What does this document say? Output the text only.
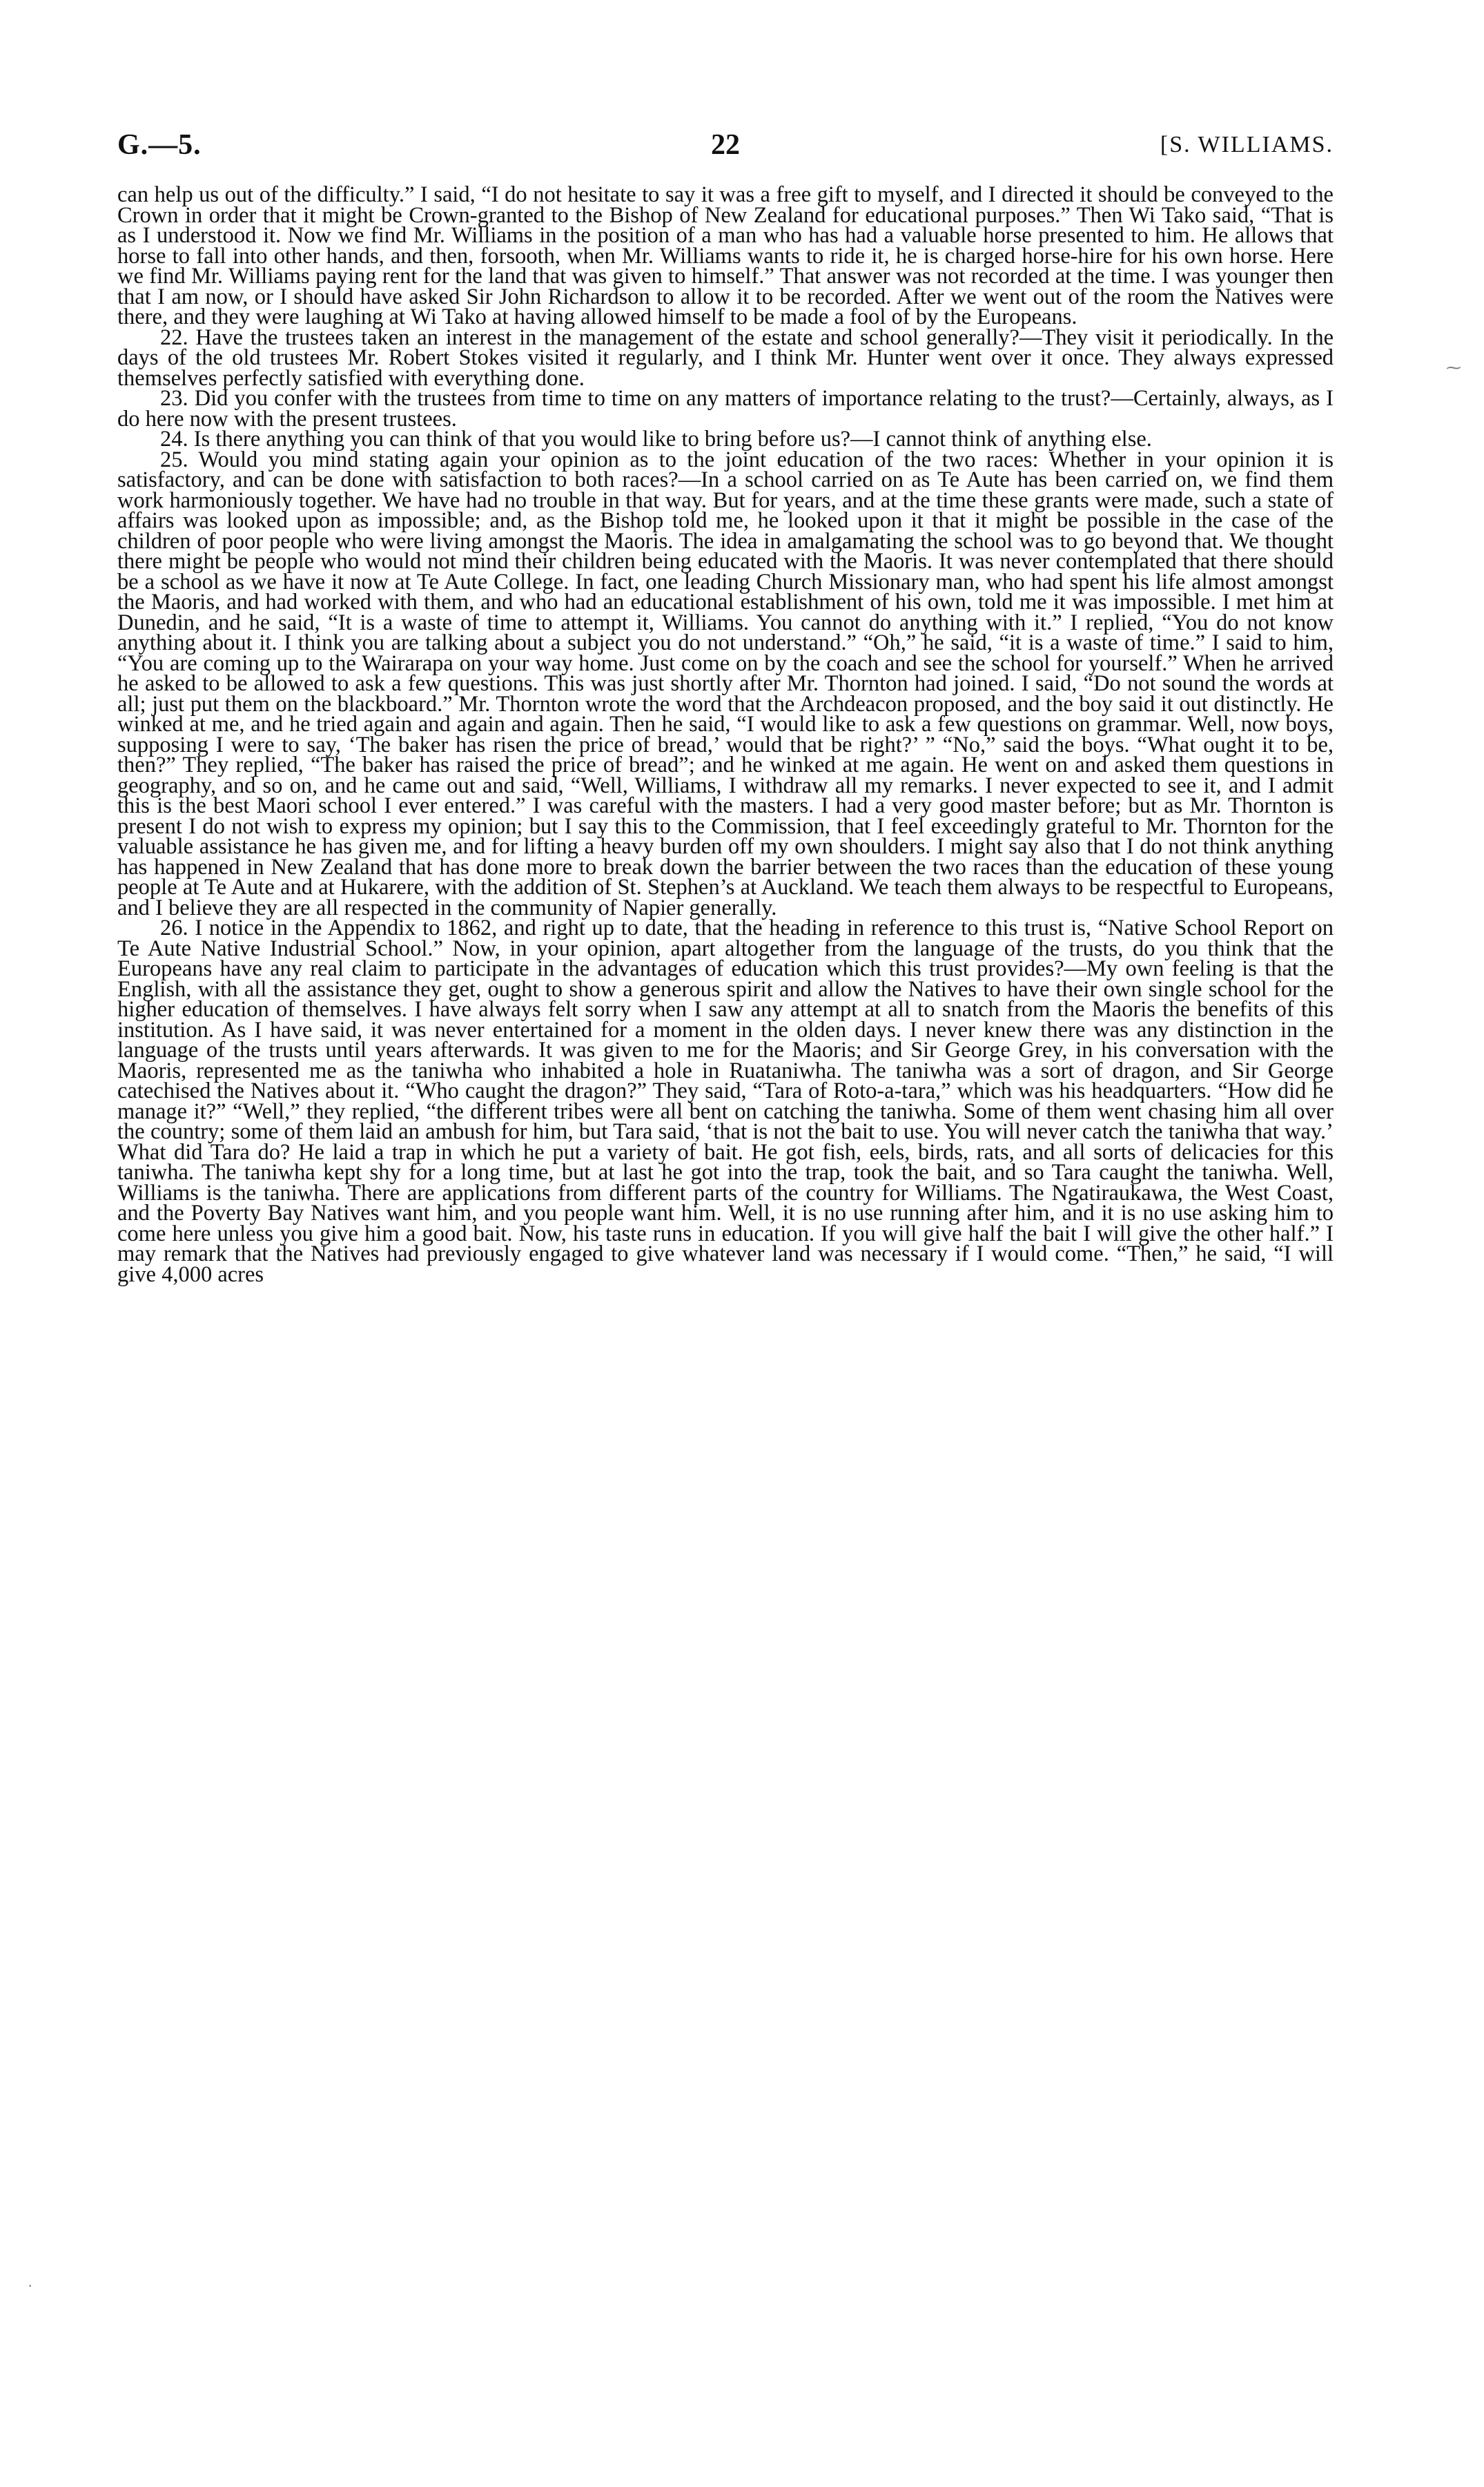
G.—5.	22	[S. WILLIAMS.

can help us out of the difficulty.” I said, “I do not hesitate to say it was a free gift to myself, and I directed it should be conveyed to the Crown in order that it might be Crown-granted to the Bishop of New Zealand for educational purposes.” Then Wi Tako said, “That is as I understood it. Now we find Mr. Williams in the position of a man who has had a valuable horse presented to him. He allows that horse to fall into other hands, and then, forsooth, when Mr. Williams wants to ride it, he is charged horse-hire for his own horse. Here we find Mr. Williams paying rent for the land that was given to himself.” That answer was not recorded at the time. I was younger then that I am now, or I should have asked Sir John Richardson to allow it to be recorded. After we went out of the room the Natives were there, and they were laughing at Wi Tako at having allowed himself to be made a fool of by the Europeans.

22. Have the trustees taken an interest in the management of the estate and school generally?—They visit it periodically. In the days of the old trustees Mr. Robert Stokes visited it regularly, and I think Mr. Hunter went over it once. They always expressed themselves perfectly satisfied with everything done.

23. Did you confer with the trustees from time to time on any matters of importance relating to the trust?—Certainly, always, as I do here now with the present trustees.

24. Is there anything you can think of that you would like to bring before us?—I cannot think of anything else.

25. Would you mind stating again your opinion as to the joint education of the two races: Whether in your opinion it is satisfactory, and can be done with satisfaction to both races?—In a school carried on as Te Aute has been carried on, we find them work harmoniously together. We have had no trouble in that way. But for years, and at the time these grants were made, such a state of affairs was looked upon as impossible; and, as the Bishop told me, he looked upon it that it might be possible in the case of the children of poor people who were living amongst the Maoris. The idea in amalgamating the school was to go beyond that. We thought there might be people who would not mind their children being educated with the Maoris. It was never contemplated that there should be a school as we have it now at Te Aute College. In fact, one leading Church Missionary man, who had spent his life almost amongst the Maoris, and had worked with them, and who had an educational establishment of his own, told me it was impossible. I met him at Dunedin, and he said, “It is a waste of time to attempt it, Williams. You cannot do anything with it.” I replied, “You do not know anything about it. I think you are talking about a subject you do not understand.” “Oh,” he said, “it is a waste of time.” I said to him, “You are coming up to the Wairarapa on your way home. Just come on by the coach and see the school for yourself.” When he arrived he asked to be allowed to ask a few questions. This was just shortly after Mr. Thornton had joined. I said, “Do not sound the words at all; just put them on the blackboard.” Mr. Thornton wrote the word that the Archdeacon proposed, and the boy said it out distinctly. He winked at me, and he tried again and again and again. Then he said, “I would like to ask a few questions on grammar. Well, now boys, supposing I were to say, ‘The baker has risen the price of bread,’ would that be right?’ ” “No,” said the boys. “What ought it to be, then?” They replied, “The baker has raised the price of bread”; and he winked at me again. He went on and asked them questions in geography, and so on, and he came out and said, “Well, Williams, I withdraw all my remarks. I never expected to see it, and I admit this is the best Maori school I ever entered.” I was careful with the masters. I had a very good master before; but as Mr. Thornton is present I do not wish to express my opinion; but I say this to the Commission, that I feel exceedingly grateful to Mr. Thornton for the valuable assistance he has given me, and for lifting a heavy burden off my own shoulders. I might say also that I do not think anything has happened in New Zealand that has done more to break down the barrier between the two races than the education of these young people at Te Aute and at Hukarere, with the addition of St. Stephen’s at Auckland. We teach them always to be respectful to Europeans, and I believe they are all respected in the community of Napier generally.

26. I notice in the Appendix to 1862, and right up to date, that the heading in reference to this trust is, “Native School Report on Te Aute Native Industrial School.” Now, in your opinion, apart altogether from the language of the trusts, do you think that the Europeans have any real claim to participate in the advantages of education which this trust provides?—My own feeling is that the English, with all the assistance they get, ought to show a generous spirit and allow the Natives to have their own single school for the higher education of themselves. I have always felt sorry when I saw any attempt at all to snatch from the Maoris the benefits of this institution. As I have said, it was never entertained for a moment in the olden days. I never knew there was any distinction in the language of the trusts until years afterwards. It was given to me for the Maoris; and Sir George Grey, in his conversation with the Maoris, represented me as the taniwha who inhabited a hole in Ruataniwha. The taniwha was a sort of dragon, and Sir George catechised the Natives about it. “Who caught the dragon?” They said, “Tara of Roto-a-tara,” which was his headquarters. “How did he manage it?” “Well,” they replied, “the different tribes were all bent on catching the taniwha. Some of them went chasing him all over the country; some of them laid an ambush for him, but Tara said, ‘that is not the bait to use. You will never catch the taniwha that way.’ What did Tara do? He laid a trap in which he put a variety of bait. He got fish, eels, birds, rats, and all sorts of delicacies for this taniwha. The taniwha kept shy for a long time, but at last he got into the trap, took the bait, and so Tara caught the taniwha. Well, Williams is the taniwha. There are applications from different parts of the country for Williams. The Ngatiraukawa, the West Coast, and the Poverty Bay Natives want him, and you people want him. Well, it is no use running after him, and it is no use asking him to come here unless you give him a good bait. Now, his taste runs in education. If you will give half the bait I will give the other half.” I may remark that the Natives had previously engaged to give whatever land was necessary if I would come. “Then,” he said, “I will give 4,000 acres

⁓
·
